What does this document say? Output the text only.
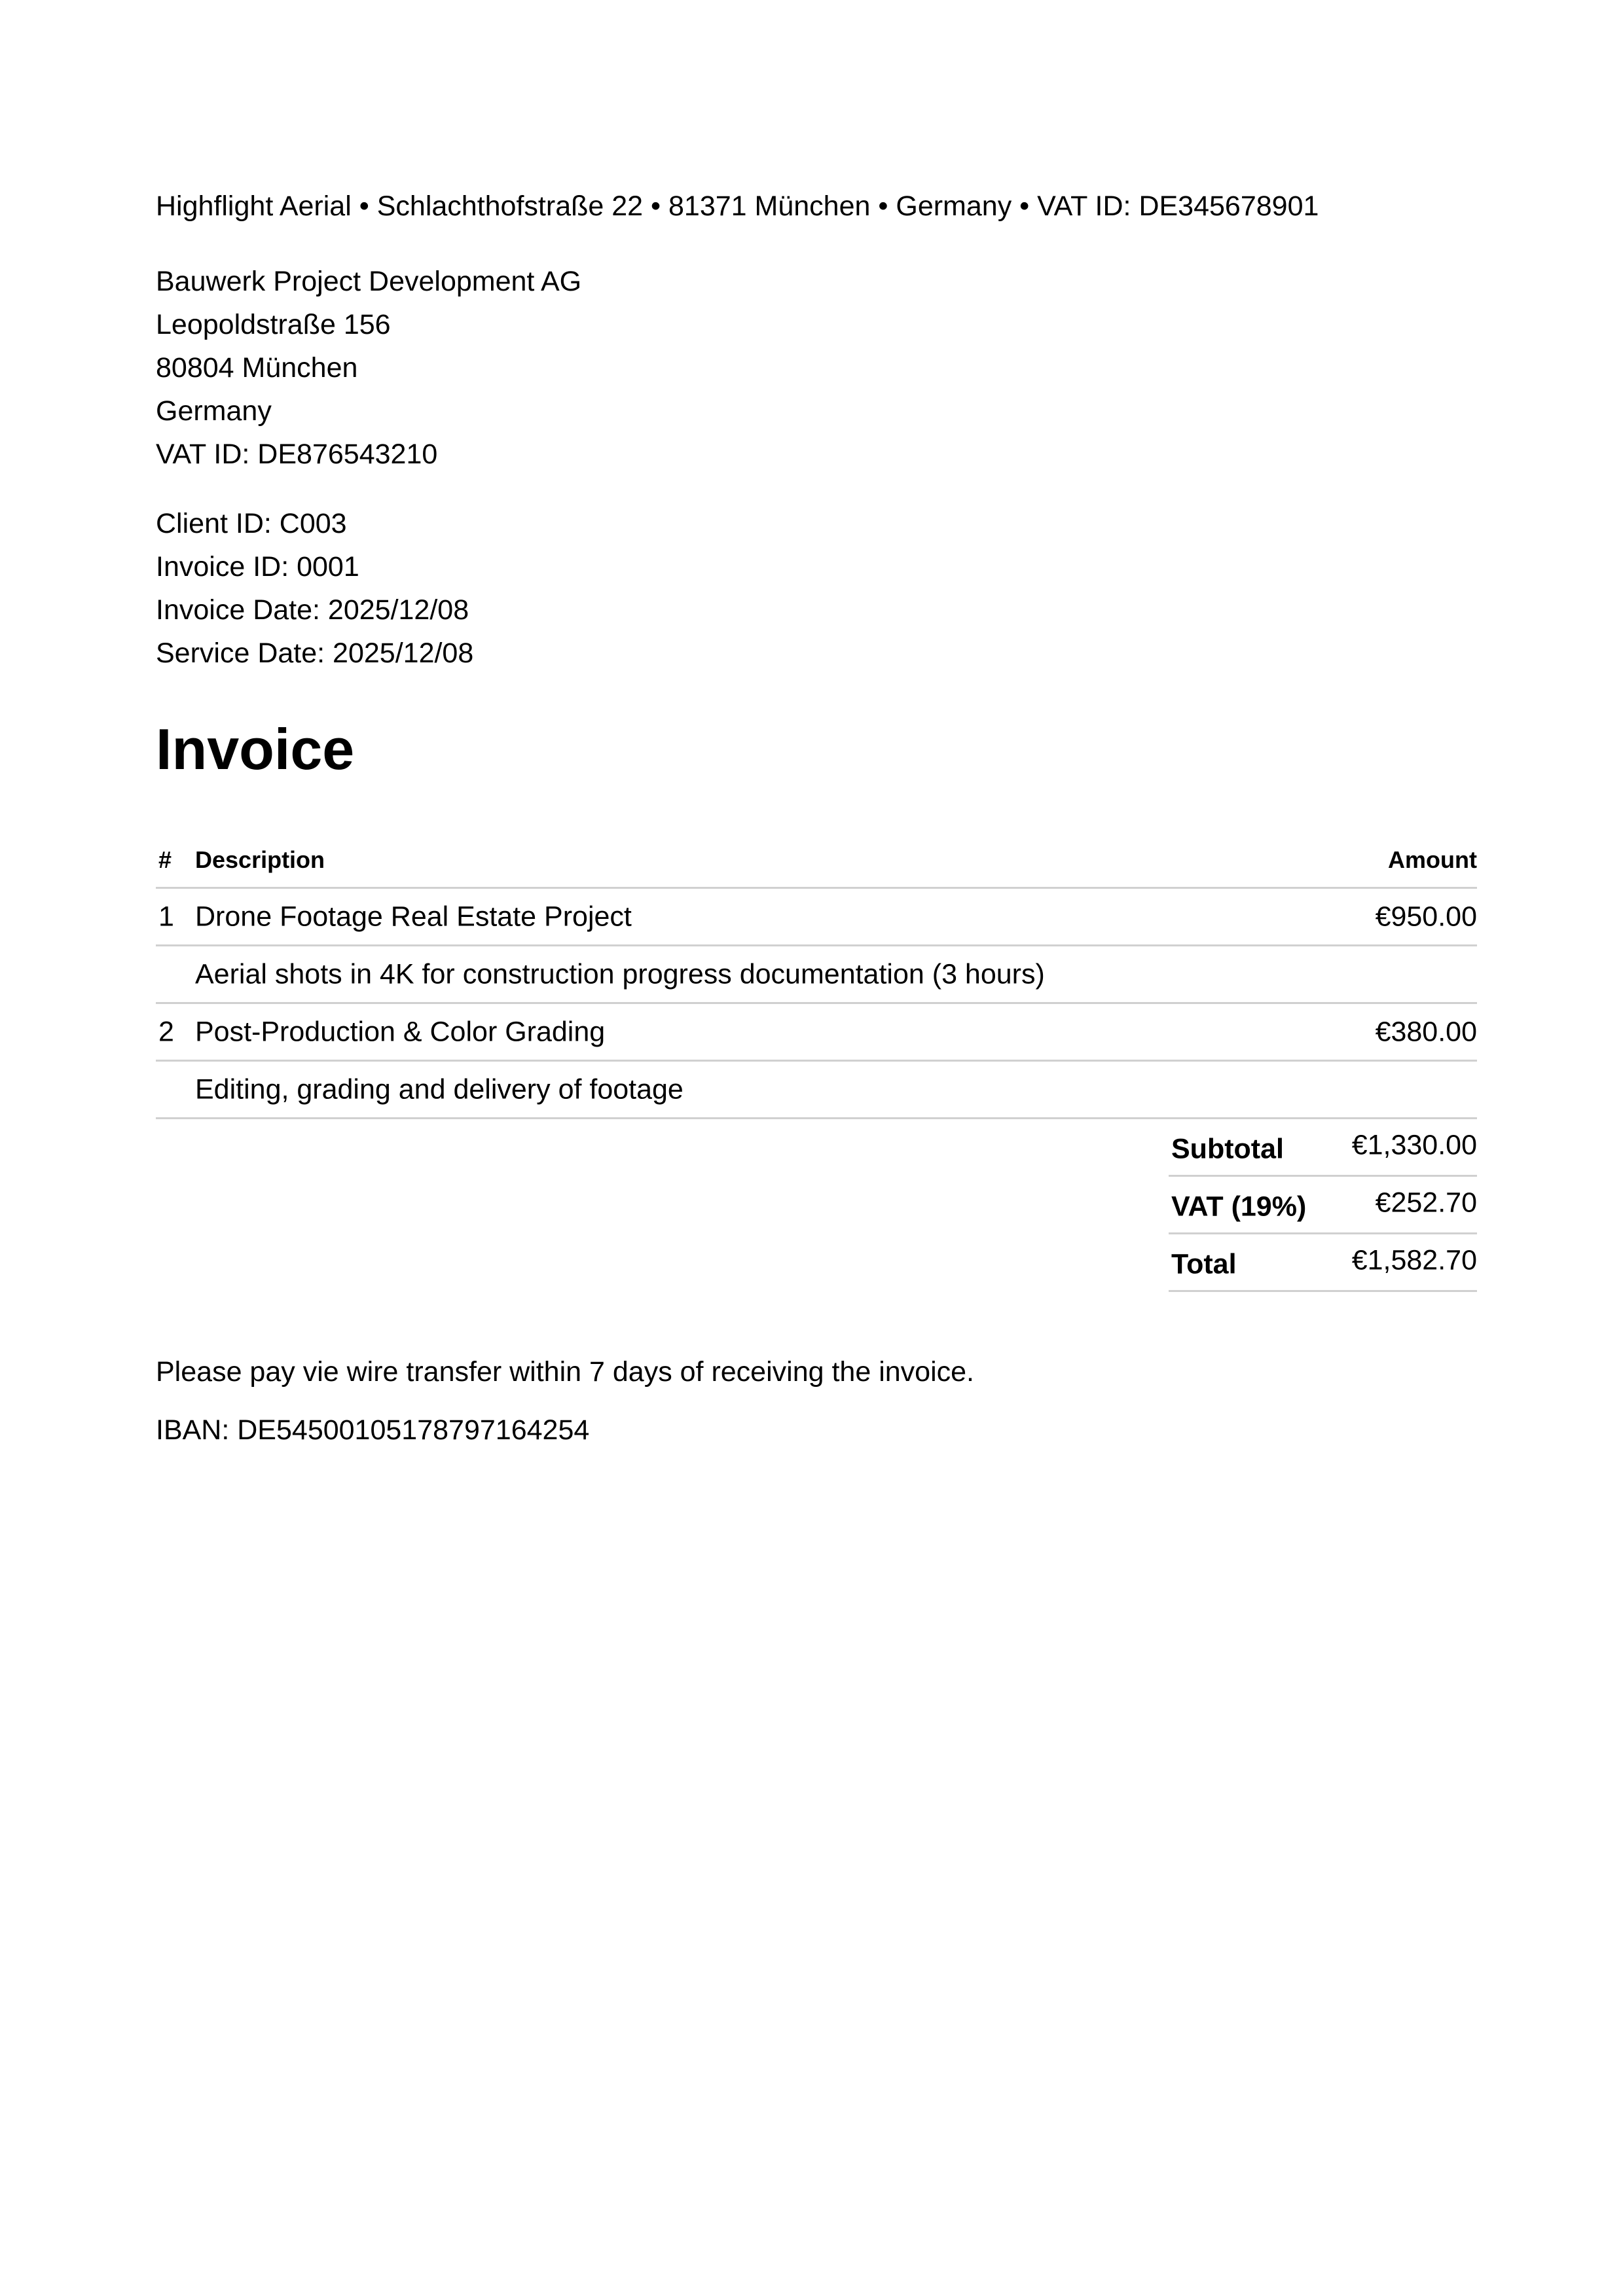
Highflight Aerial • Schlachthofstraße 22 • 81371 München • Germany • VAT ID: DE345678901
Bauwerk Project Development AG
Leopoldstraße 156
80804 München
Germany
VAT ID: DE876543210
Client ID: C003
Invoice ID: 0001
Invoice Date: 2025/12/08
Service Date: 2025/12/08
Invoice
# Description	Amount
1 Drone Footage Real Estate Project	€950.00
Aerial shots in 4K for construction progress documentation (3 hours)
2 Post-Production & Color Grading	€380.00
Editing, grading and delivery of footage
Subtotal €1,330.00
VAT (19%) €252.70
Total	€1,582.70
Please pay vie wire transfer within 7 days of receiving the invoice.
IBAN: DE54500105178797164254
